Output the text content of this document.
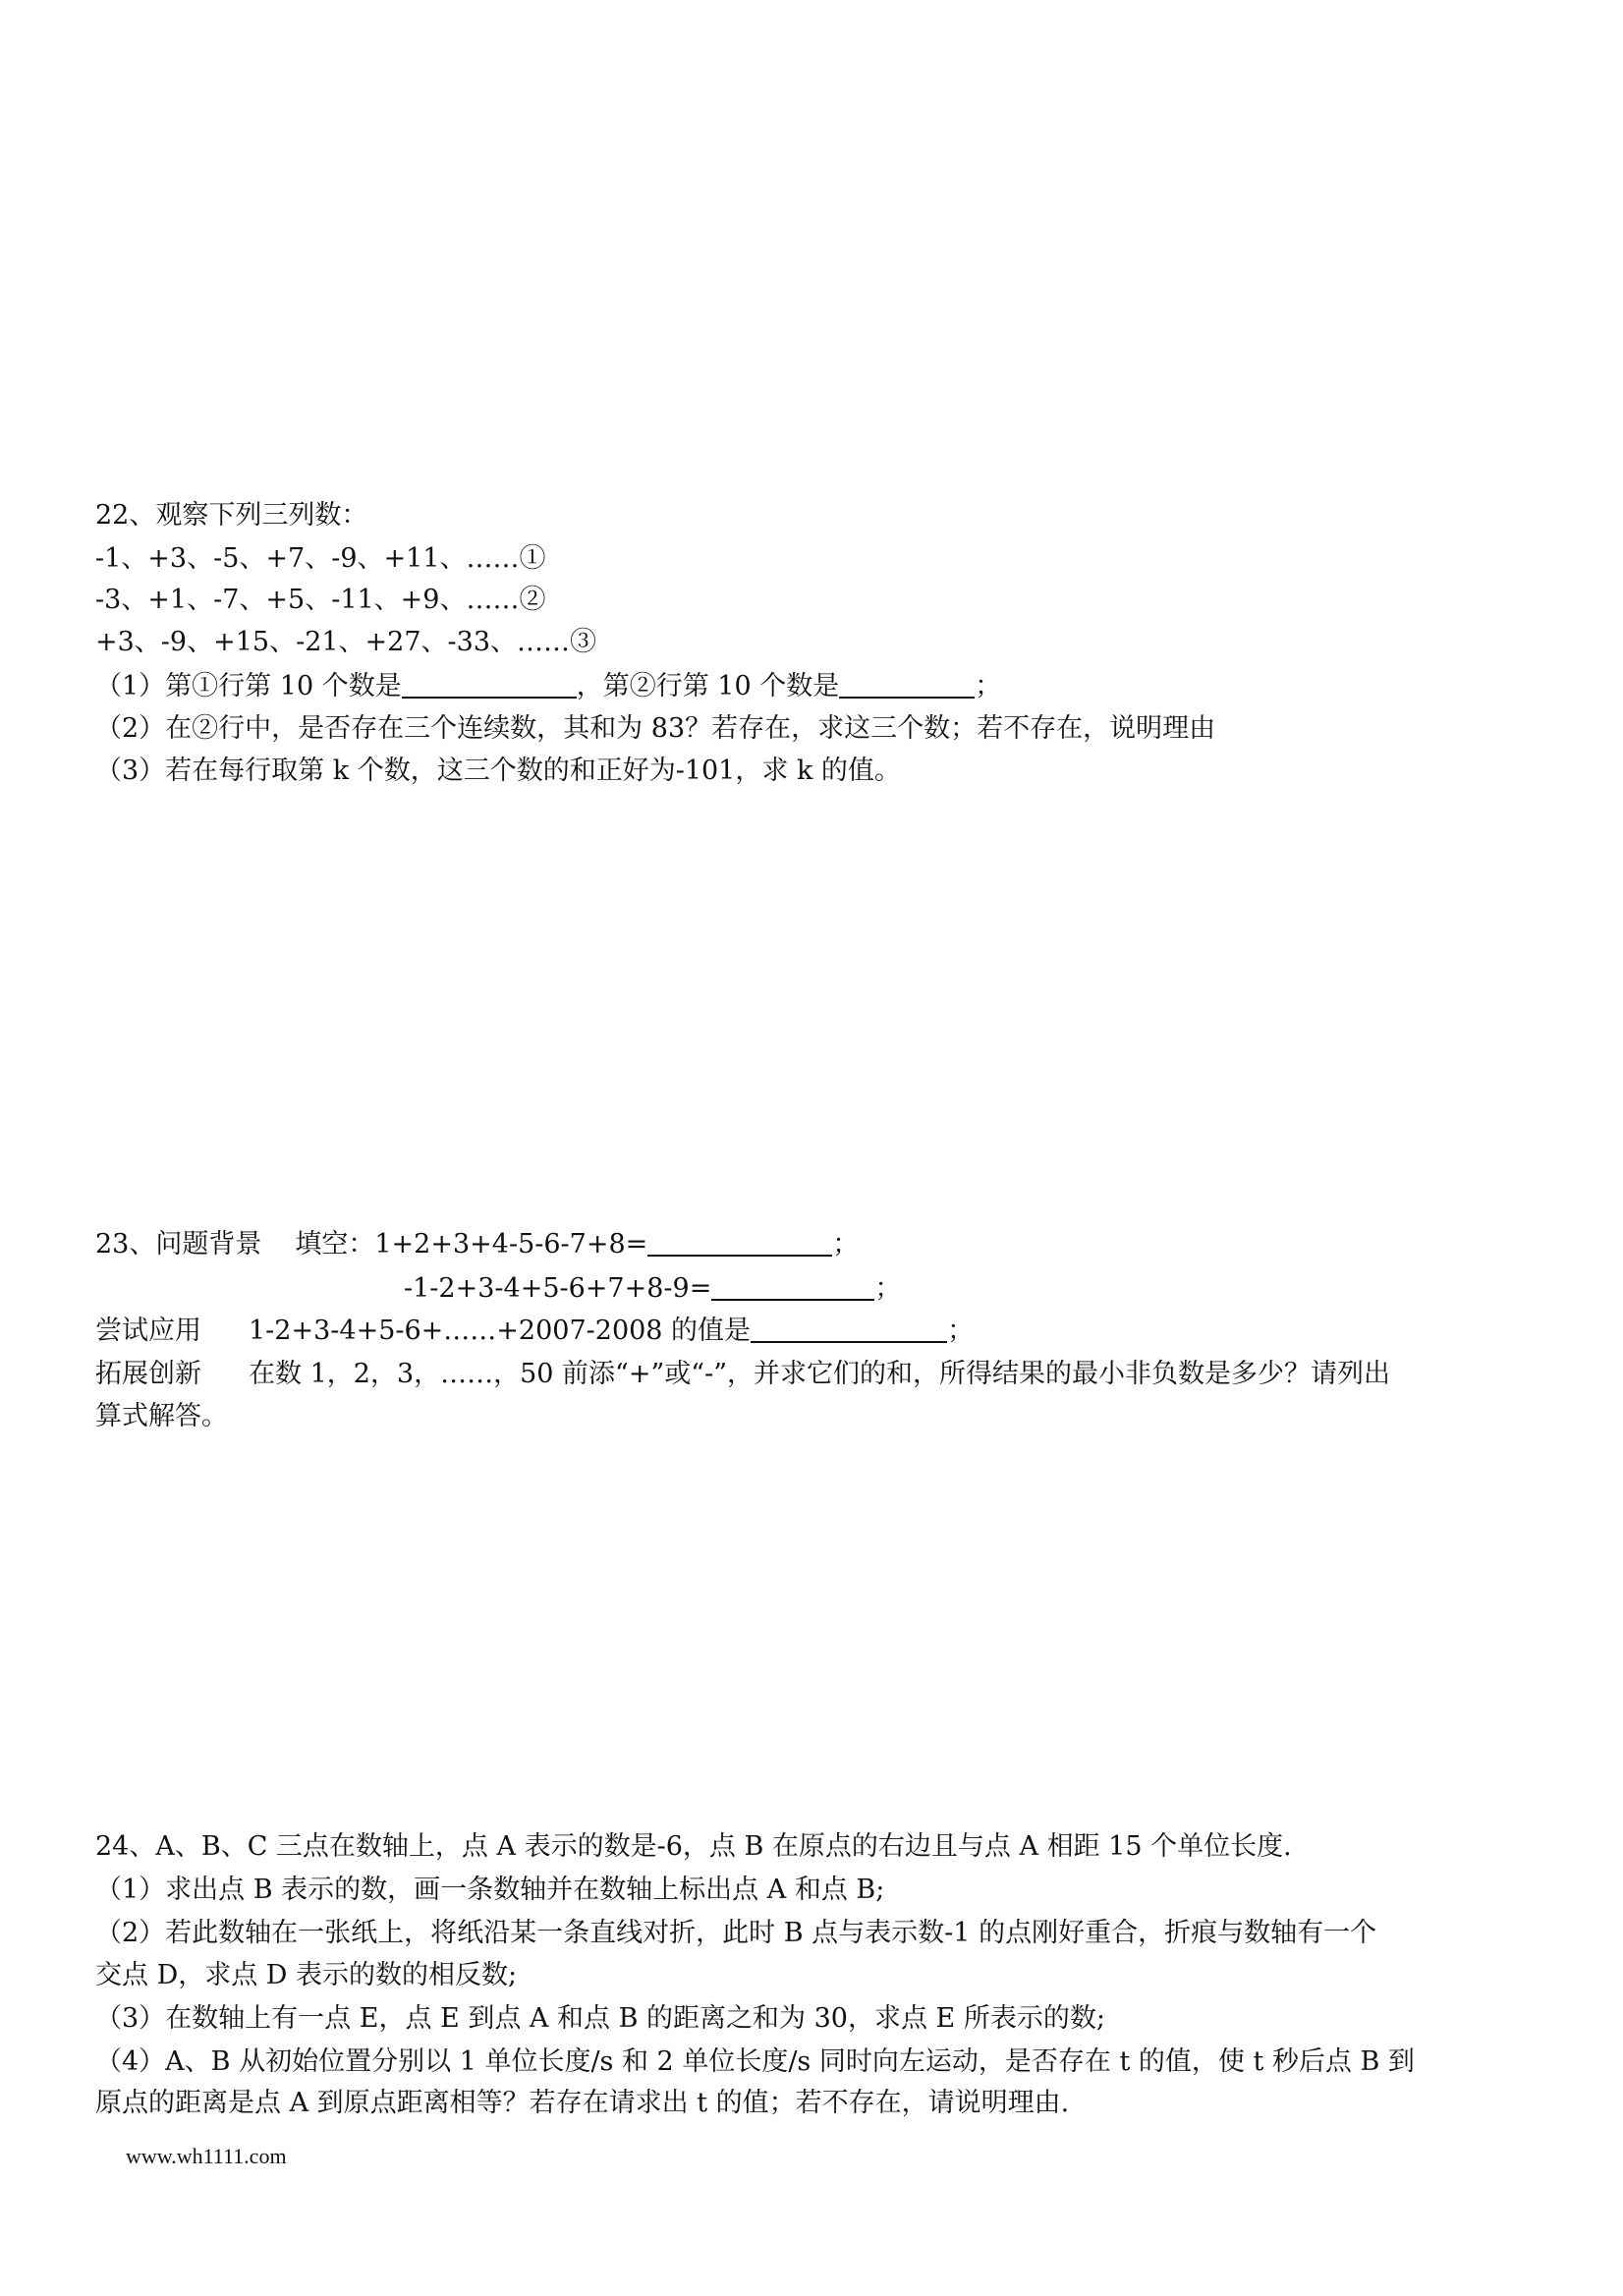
22、观察下列三列数：
-1、+3、-5、+7、-9、+11、……①
-3、+1、-7、+5、-11、+9、……②
+3、-9、+15、-21、+27、-33、……③
（1）第①行第 10 个数是	，第②行第 10 个数是	；
（2）在②行中，是否存在三个连续数，其和为 83？若存在，求这三个数；若不存在，说明理由
（3）若在每行取第 k 个数，这三个数的和正好为-101，求 k 的值。
23、问题背景 填空：1+2+3+4-5-6-7+8=	；
-1-2+3-4+5-6+7+8-9=	；
尝试应用 1-2+3-4+5-6+……+2007-2008 的值是	；
拓展创新 在数 1，2，3，……，50 前添“+”或“-”，并求它们的和，所得结果的最小非负数是多少？请列出
算式解答。
24、A、B、C 三点在数轴上，点 A 表示的数是-6，点 B 在原点的右边且与点 A 相距 15 个单位长度.
（1）求出点 B 表示的数，画一条数轴并在数轴上标出点 A 和点 B;
（2）若此数轴在一张纸上，将纸沿某一条直线对折，此时 B 点与表示数-1 的点刚好重合，折痕与数轴有一个
交点 D，求点 D 表示的数的相反数;
（3）在数轴上有一点 E，点 E 到点 A 和点 B 的距离之和为 30，求点 E 所表示的数;
（4）A、B 从初始位置分别以 1 单位长度/s 和 2 单位长度/s 同时向左运动，是否存在 t 的值，使 t 秒后点 B 到
原点的距离是点 A 到原点距离相等？若存在请求出 t 的值；若不存在，请说明理由.
www.wh1111.com
